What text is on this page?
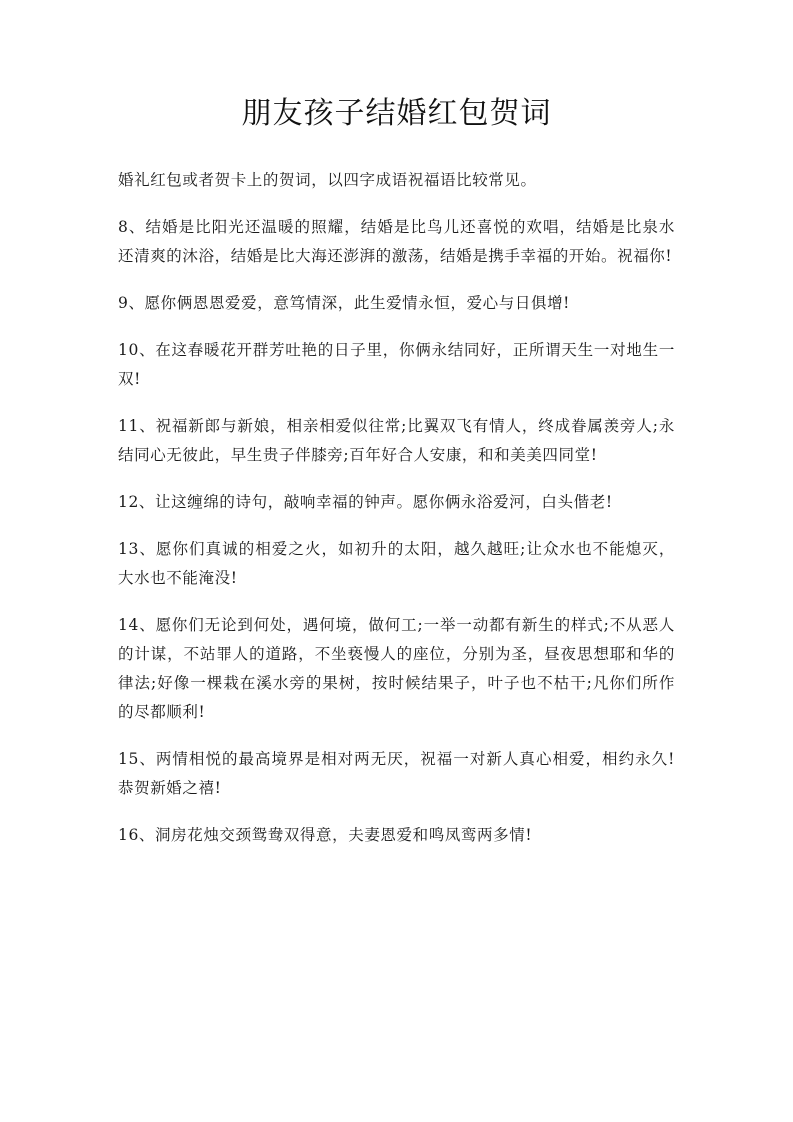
朋友孩子结婚红包贺词

婚礼红包或者贺卡上的贺词，以四字成语祝福语比较常见。

8、结婚是比阳光还温暖的照耀，结婚是比鸟儿还喜悦的欢唱，结婚是比泉水还清爽的沐浴，结婚是比大海还澎湃的激荡，结婚是携手幸福的开始。祝福你!

9、愿你俩恩恩爱爱，意笃情深，此生爱情永恒，爱心与日俱增!

10、在这春暖花开群芳吐艳的日子里，你俩永结同好，正所谓天生一对地生一双!

11、祝福新郎与新娘，相亲相爱似往常;比翼双飞有情人，终成眷属羡旁人;永结同心无彼此，早生贵子伴膝旁;百年好合人安康，和和美美四同堂!

12、让这缠绵的诗句，敲响幸福的钟声。愿你俩永浴爱河，白头偕老!

13、愿你们真诚的相爱之火，如初升的太阳，越久越旺;让众水也不能熄灭，大水也不能淹没!

14、愿你们无论到何处，遇何境，做何工;一举一动都有新生的样式;不从恶人的计谋，不站罪人的道路，不坐亵慢人的座位，分别为圣，昼夜思想耶和华的律法;好像一棵栽在溪水旁的果树，按时候结果子，叶子也不枯干;凡你们所作的尽都顺利!

15、两情相悦的最高境界是相对两无厌，祝福一对新人真心相爱，相约永久!恭贺新婚之禧!

16、洞房花烛交颈鸳鸯双得意，夫妻恩爱和鸣凤鸾两多情!
